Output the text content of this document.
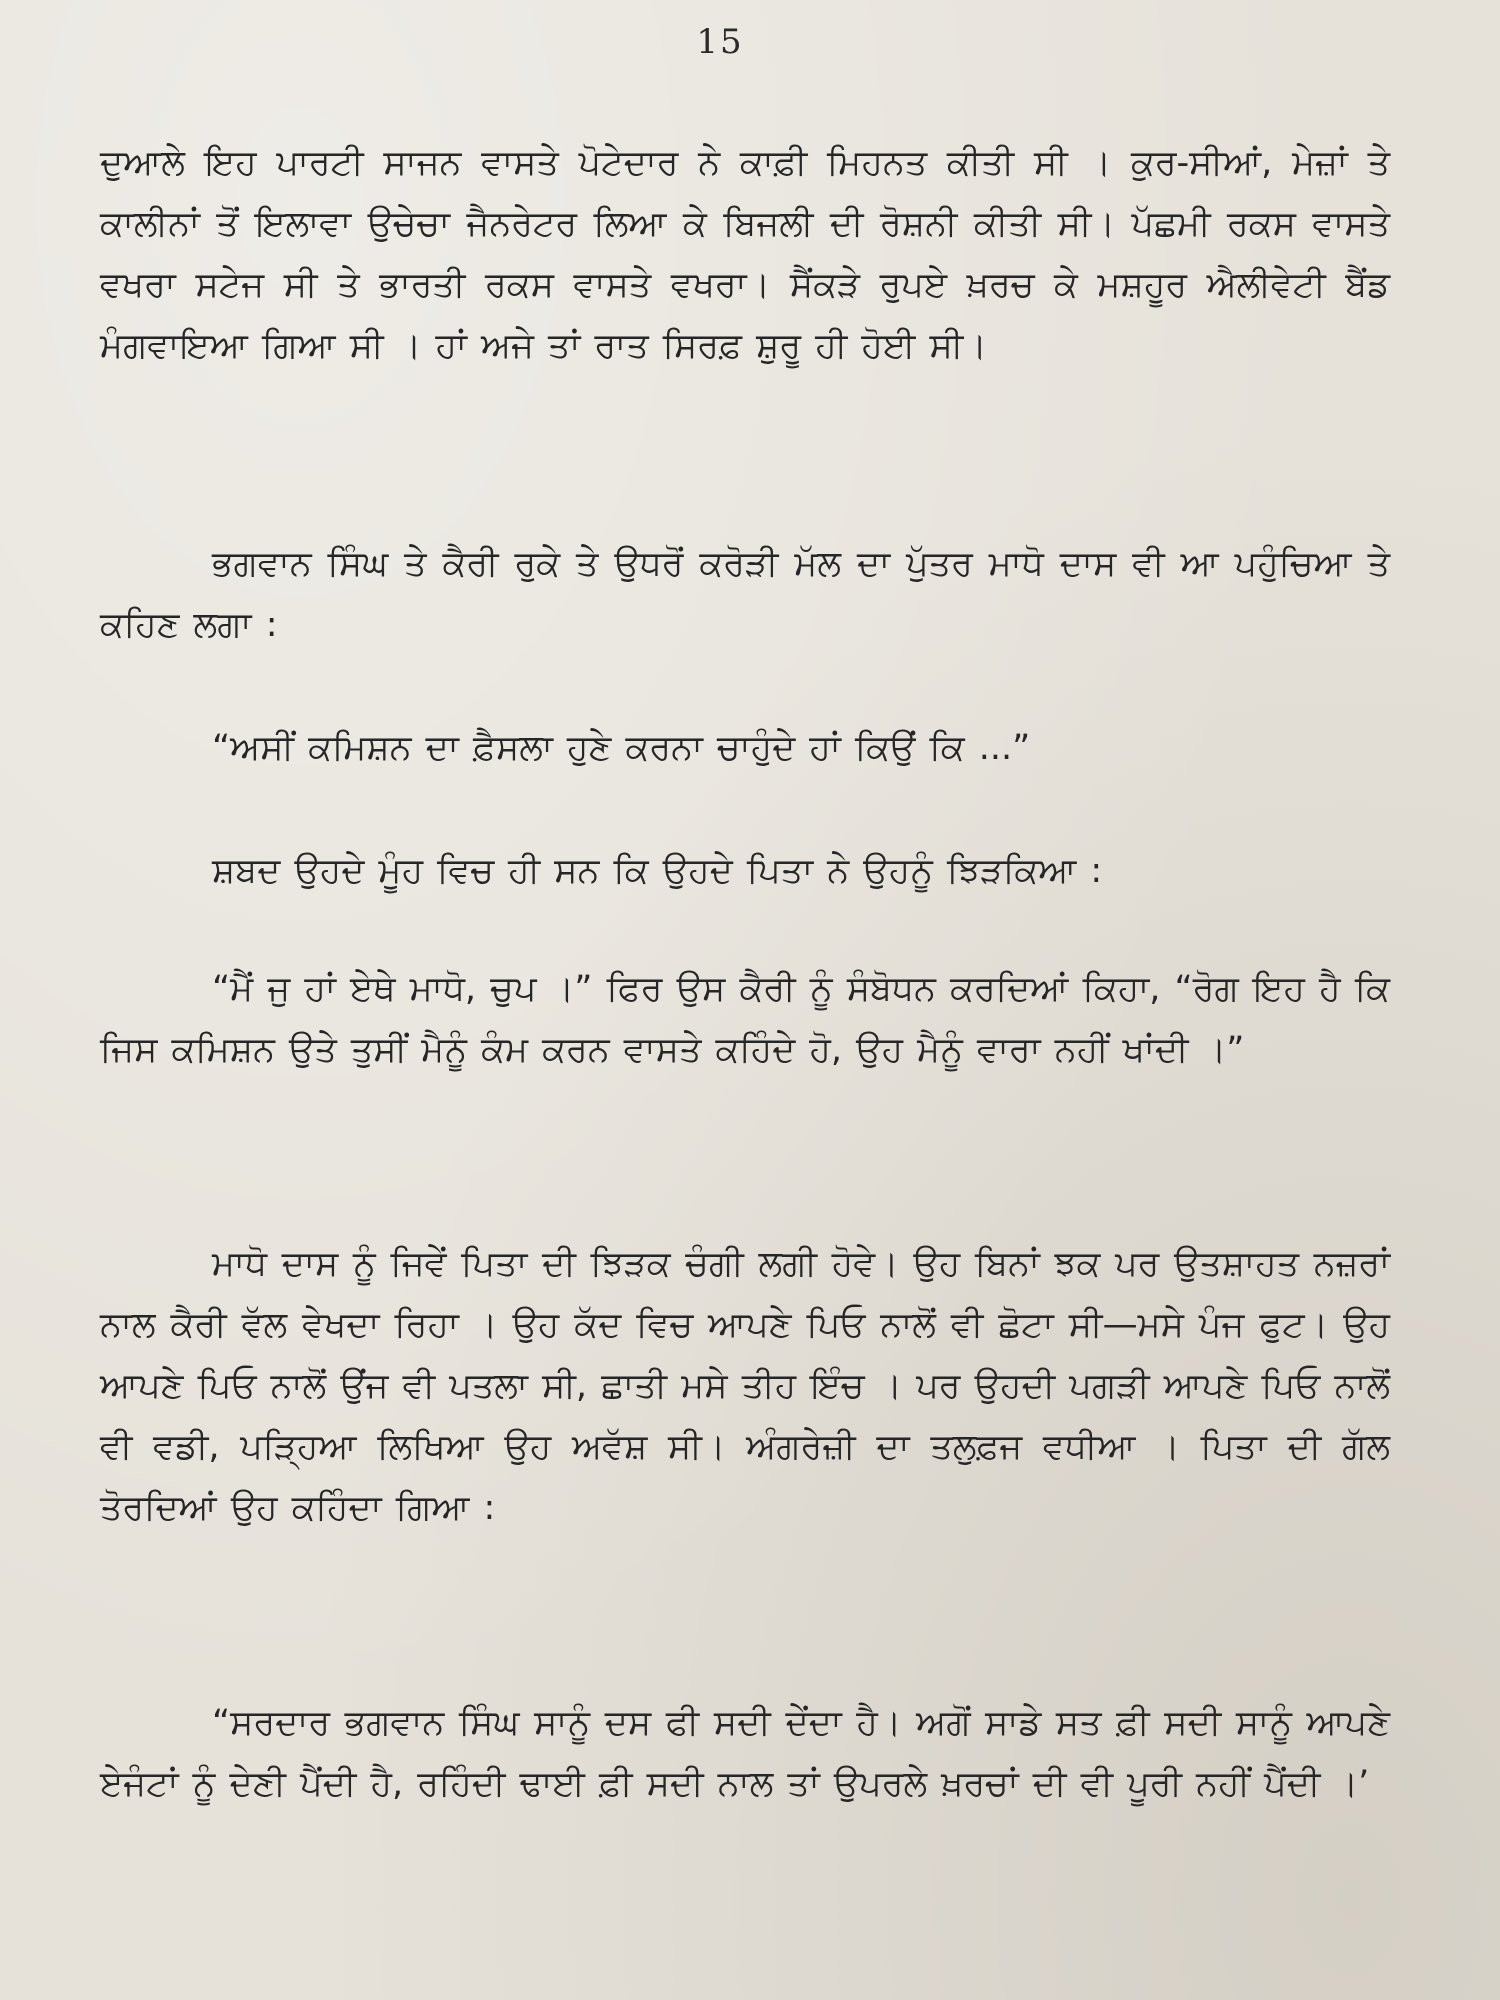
15

ਦੁਆਲੇ ਇਹ ਪਾਰਟੀ ਸਾਜਨ ਵਾਸਤੇ ਪੋਟੇਦਾਰ ਨੇ ਕਾਫ਼ੀ ਮਿਹਨਤ ਕੀਤੀ ਸੀ । ਕੁਰ-ਸੀਆਂ, ਮੇਜ਼ਾਂ ਤੇ ਕਾਲੀਨਾਂ ਤੋਂ ਇਲਾਵਾ ਉਚੇਚਾ ਜੈਨਰੇਟਰ ਲਿਆ ਕੇ ਬਿਜਲੀ ਦੀ ਰੋਸ਼ਨੀ ਕੀਤੀ ਸੀ। ਪੱਛਮੀ ਰਕਸ ਵਾਸਤੇ ਵਖਰਾ ਸਟੇਜ ਸੀ ਤੇ ਭਾਰਤੀ ਰਕਸ ਵਾਸਤੇ ਵਖਰਾ। ਸੈਂਕੜੇ ਰੁਪਏ ਖ਼ਰਚ ਕੇ ਮਸ਼ਹੂਰ ਐਲੀਵੇਟੀ ਬੈਂਡ ਮੰਗਵਾਇਆ ਗਿਆ ਸੀ । ਹਾਂ ਅਜੇ ਤਾਂ ਰਾਤ ਸਿਰਫ਼ ਸ਼ੁਰੂ ਹੀ ਹੋਈ ਸੀ।

ਭਗਵਾਨ ਸਿੰਘ ਤੇ ਕੈਰੀ ਰੁਕੇ ਤੇ ਉਧਰੋਂ ਕਰੋੜੀ ਮੱਲ ਦਾ ਪੁੱਤਰ ਮਾਧੋ ਦਾਸ ਵੀ ਆ ਪਹੁੰਚਿਆ ਤੇ ਕਹਿਣ ਲਗਾ :

“ਅਸੀਂ ਕਮਿਸ਼ਨ ਦਾ ਫ਼ੈਸਲਾ ਹੁਣੇ ਕਰਨਾ ਚਾਹੁੰਦੇ ਹਾਂ ਕਿਉਂ ਕਿ ...”

ਸ਼ਬਦ ਉਹਦੇ ਮੂੰਹ ਵਿਚ ਹੀ ਸਨ ਕਿ ਉਹਦੇ ਪਿਤਾ ਨੇ ਉਹਨੂੰ ਝਿੜਕਿਆ :

“ਮੈਂ ਜੁ ਹਾਂ ਏਥੇ ਮਾਧੋ, ਚੁਪ ।” ਫਿਰ ਉਸ ਕੈਰੀ ਨੂੰ ਸੰਬੋਧਨ ਕਰਦਿਆਂ ਕਿਹਾ, “ਰੋਗ ਇਹ ਹੈ ਕਿ ਜਿਸ ਕਮਿਸ਼ਨ ਉਤੇ ਤੁਸੀਂ ਮੈਨੂੰ ਕੰਮ ਕਰਨ ਵਾਸਤੇ ਕਹਿੰਦੇ ਹੋ, ਉਹ ਮੈਨੂੰ ਵਾਰਾ ਨਹੀਂ ਖਾਂਦੀ ।”

ਮਾਧੋ ਦਾਸ ਨੂੰ ਜਿਵੇਂ ਪਿਤਾ ਦੀ ਝਿੜਕ ਚੰਗੀ ਲਗੀ ਹੋਵੇ। ਉਹ ਬਿਨਾਂ ਝਕ ਪਰ ਉਤਸ਼ਾਹਤ ਨਜ਼ਰਾਂ ਨਾਲ ਕੈਰੀ ਵੱਲ ਵੇਖਦਾ ਰਿਹਾ । ਉਹ ਕੱਦ ਵਿਚ ਆਪਣੇ ਪਿਓ ਨਾਲੋਂ ਵੀ ਛੋਟਾ ਸੀ—ਮਸੇ ਪੰਜ ਫੁਟ। ਉਹ ਆਪਣੇ ਪਿਓ ਨਾਲੋਂ ਉਂਜ ਵੀ ਪਤਲਾ ਸੀ, ਛਾਤੀ ਮਸੇ ਤੀਹ ਇੰਚ । ਪਰ ਉਹਦੀ ਪਗੜੀ ਆਪਣੇ ਪਿਓ ਨਾਲੋਂ ਵੀ ਵਡੀ, ਪੜ੍ਹਿਆ ਲਿਖਿਆ ਉਹ ਅਵੱਸ਼ ਸੀ। ਅੰਗਰੇਜ਼ੀ ਦਾ ਤਲੁਫ਼ਜ ਵਧੀਆ । ਪਿਤਾ ਦੀ ਗੱਲ ਤੋਰਦਿਆਂ ਉਹ ਕਹਿੰਦਾ ਗਿਆ :

“ਸਰਦਾਰ ਭਗਵਾਨ ਸਿੰਘ ਸਾਨੂੰ ਦਸ ਫੀ ਸਦੀ ਦੇਂਦਾ ਹੈ। ਅਗੋਂ ਸਾਡੇ ਸਤ ਫ਼ੀ ਸਦੀ ਸਾਨੂੰ ਆਪਣੇ ਏਜੰਟਾਂ ਨੂੰ ਦੇਣੀ ਪੈਂਦੀ ਹੈ, ਰਹਿੰਦੀ ਢਾਈ ਫ਼ੀ ਸਦੀ ਨਾਲ ਤਾਂ ਉਪਰਲੇ ਖ਼ਰਚਾਂ ਦੀ ਵੀ ਪੂਰੀ ਨਹੀਂ ਪੈਂਦੀ ।’
